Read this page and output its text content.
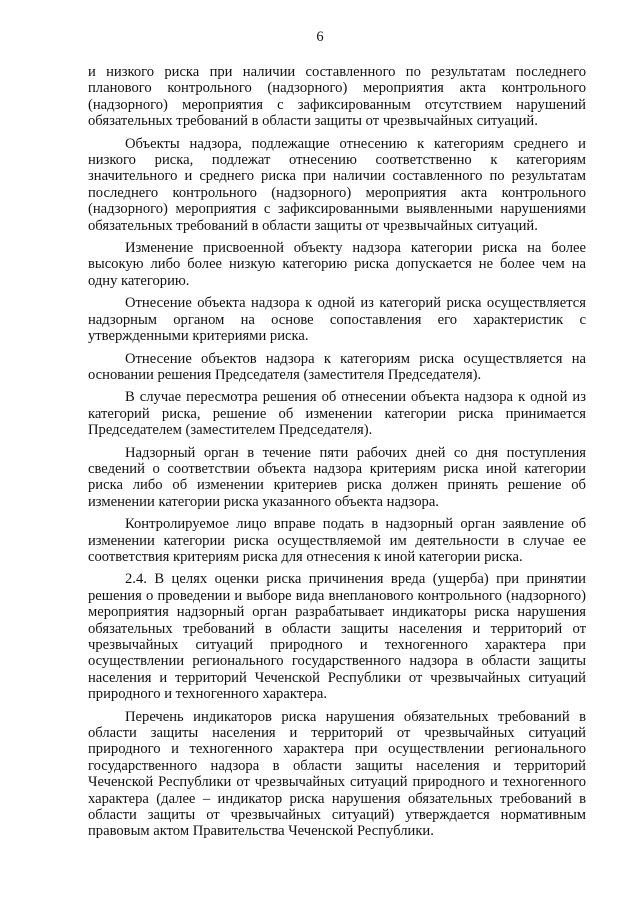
6

и низкого риска при наличии составленного по результатам последнего планового контрольного (надзорного) мероприятия акта контрольного (надзорного) мероприятия с зафиксированным отсутствием нарушений обязательных требований в области защиты от чрезвычайных ситуаций.

Объекты надзора, подлежащие отнесению к категориям среднего и низкого риска, подлежат отнесению соответственно к категориям значительного и среднего риска при наличии составленного по результатам последнего контрольного (надзорного) мероприятия акта контрольного (надзорного) мероприятия с зафиксированными выявленными нарушениями обязательных требований в области защиты от чрезвычайных ситуаций.

Изменение присвоенной объекту надзора категории риска на более высокую либо более низкую категорию риска допускается не более чем на одну категорию.

Отнесение объекта надзора к одной из категорий риска осуществляется надзорным органом на основе сопоставления его характеристик с утвержденными критериями риска.

Отнесение объектов надзора к категориям риска осуществляется на основании решения Председателя (заместителя Председателя).

В случае пересмотра решения об отнесении объекта надзора к одной из категорий риска, решение об изменении категории риска принимается Председателем (заместителем Председателя).

Надзорный орган в течение пяти рабочих дней со дня поступления сведений о соответствии объекта надзора критериям риска иной категории риска либо об изменении критериев риска должен принять решение об изменении категории риска указанного объекта надзора.

Контролируемое лицо вправе подать в надзорный орган заявление об изменении категории риска осуществляемой им деятельности в случае ее соответствия критериям риска для отнесения к иной категории риска.

2.4. В целях оценки риска причинения вреда (ущерба) при принятии решения о проведении и выборе вида внепланового контрольного (надзорного) мероприятия надзорный орган разрабатывает индикаторы риска нарушения обязательных требований в области защиты населения и территорий от чрезвычайных ситуаций природного и техногенного характера при осуществлении регионального государственного надзора в области защиты населения и территорий Чеченской Республики от чрезвычайных ситуаций природного и техногенного характера.

Перечень индикаторов риска нарушения обязательных требований в области защиты населения и территорий от чрезвычайных ситуаций природного и техногенного характера при осуществлении регионального государственного надзора в области защиты населения и территорий Чеченской Республики от чрезвычайных ситуаций природного и техногенного характера (далее – индикатор риска нарушения обязательных требований в области защиты от чрезвычайных ситуаций) утверждается нормативным правовым актом Правительства Чеченской Республики.
